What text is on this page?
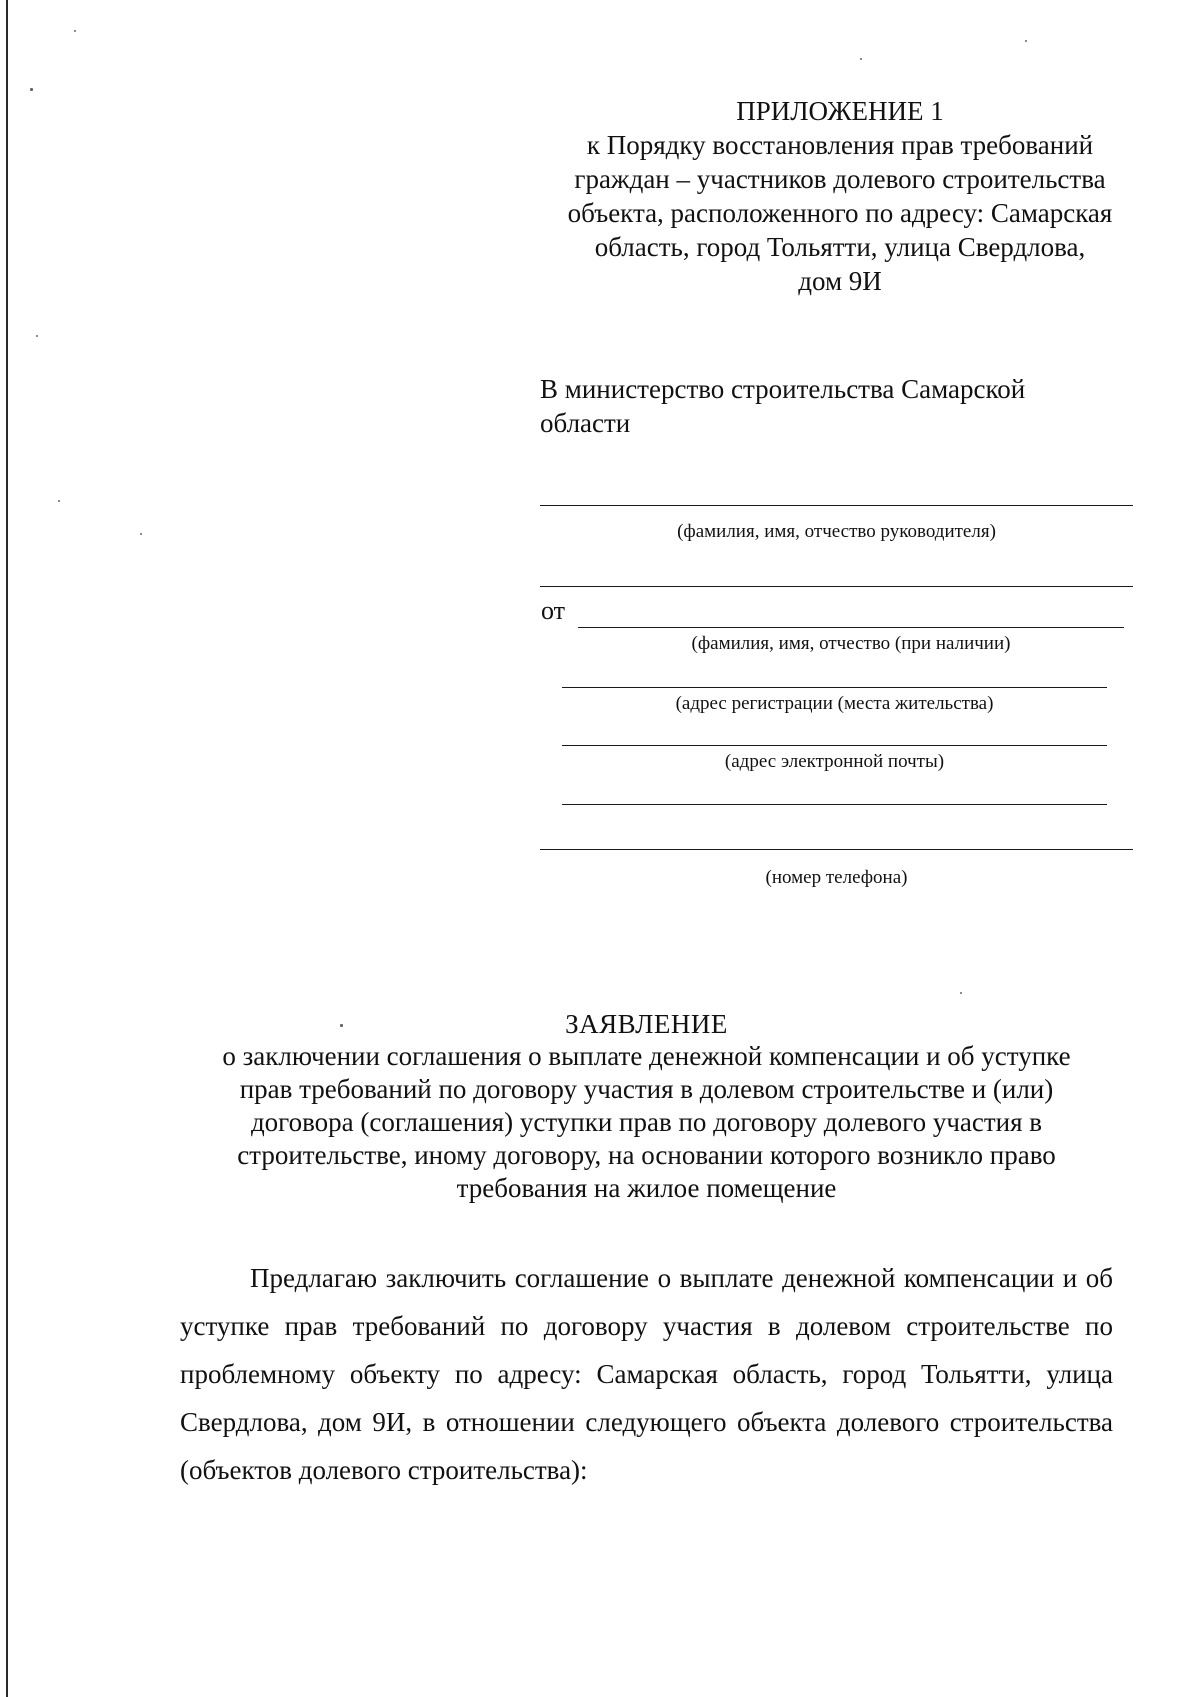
ПРИЛОЖЕНИЕ 1
к Порядку восстановления прав требований
граждан – участников долевого строительства
объекта, расположенного по адресу: Самарская
область, город Тольятти, улица Свердлова,
дом 9И
В министерство строительства Самарской
области
(фамилия, имя, отчество руководителя)
от
(фамилия, имя, отчество (при наличии)
(адрес регистрации (места жительства)
(адрес электронной почты)
(номер телефона)
ЗАЯВЛЕНИЕ
о заключении соглашения о выплате денежной компенсации и об уступке
прав требований по договору участия в долевом строительстве и (или)
договора (соглашения) уступки прав по договору долевого участия в
строительстве, иному договору, на основании которого возникло право
требования на жилое помещение
Предлагаю заключить соглашение о выплате денежной компенсации и об уступке прав требований по договору участия в долевом строительстве по проблемному объекту по адресу: Самарская область, город Тольятти, улица Свердлова, дом 9И, в отношении следующего объекта долевого строительства (объектов долевого строительства):
